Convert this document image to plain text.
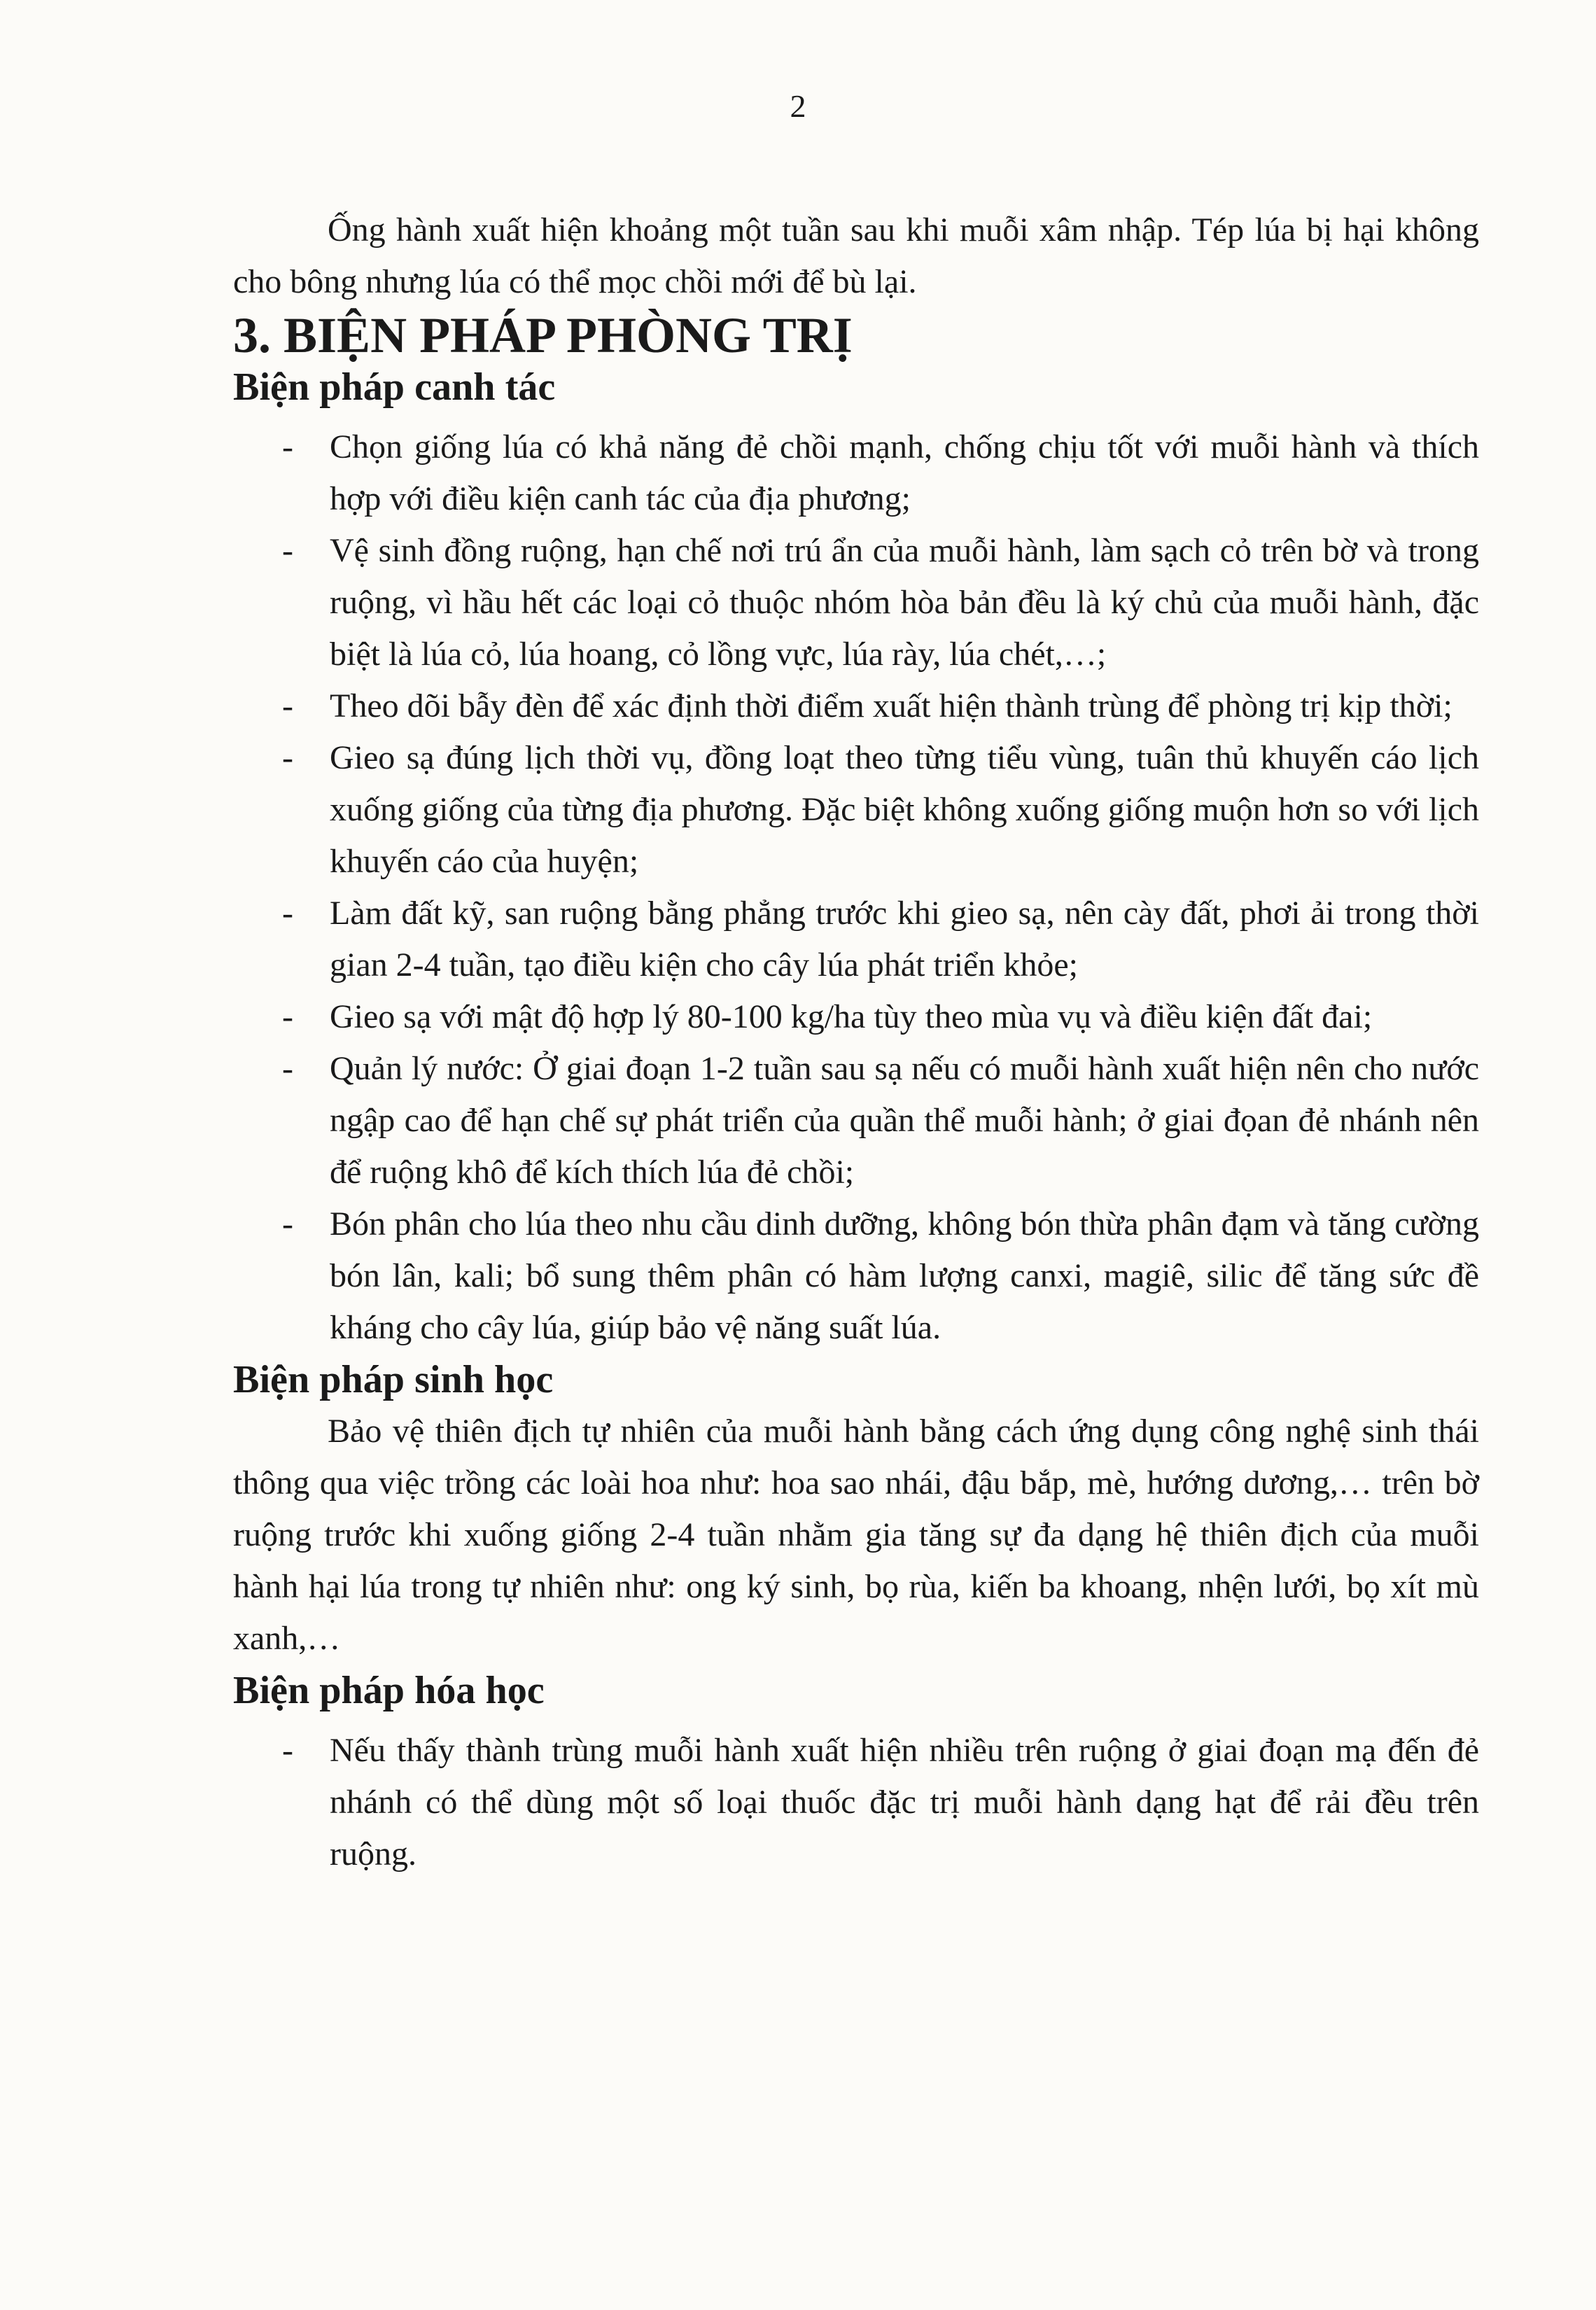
2

Ống hành xuất hiện khoảng một tuần sau khi muỗi xâm nhập. Tép lúa bị hại không cho bông nhưng lúa có thể mọc chồi mới để bù lại.

3. BIỆN PHÁP PHÒNG TRỊ
Biện pháp canh tác
- Chọn giống lúa có khả năng đẻ chồi mạnh, chống chịu tốt với muỗi hành và thích hợp với điều kiện canh tác của địa phương;
- Vệ sinh đồng ruộng, hạn chế nơi trú ẩn của muỗi hành, làm sạch cỏ trên bờ và trong ruộng, vì hầu hết các loại cỏ thuộc nhóm hòa bản đều là ký chủ của muỗi hành, đặc biệt là lúa cỏ, lúa hoang, cỏ lồng vực, lúa rày, lúa chét,…;
- Theo dõi bẫy đèn để xác định thời điểm xuất hiện thành trùng để phòng trị kịp thời;
- Gieo sạ đúng lịch thời vụ, đồng loạt theo từng tiểu vùng, tuân thủ khuyến cáo lịch xuống giống của từng địa phương. Đặc biệt không xuống giống muộn hơn so với lịch khuyến cáo của huyện;
- Làm đất kỹ, san ruộng bằng phẳng trước khi gieo sạ, nên cày đất, phơi ải trong thời gian 2-4 tuần, tạo điều kiện cho cây lúa phát triển khỏe;
- Gieo sạ với mật độ hợp lý 80-100 kg/ha tùy theo mùa vụ và điều kiện đất đai;
- Quản lý nước: Ở giai đoạn 1-2 tuần sau sạ nếu có muỗi hành xuất hiện nên cho nước ngập cao để hạn chế sự phát triển của quần thể muỗi hành; ở giai đọan đẻ nhánh nên để ruộng khô để kích thích lúa đẻ chồi;
- Bón phân cho lúa theo nhu cầu dinh dưỡng, không bón thừa phân đạm và tăng cường bón lân, kali; bổ sung thêm phân có hàm lượng canxi, magiê, silic để tăng sức đề kháng cho cây lúa, giúp bảo vệ năng suất lúa.
Biện pháp sinh học

Bảo vệ thiên địch tự nhiên của muỗi hành bằng cách ứng dụng công nghệ sinh thái thông qua việc trồng các loài hoa như: hoa sao nhái, đậu bắp, mè, hướng dương,… trên bờ ruộng trước khi xuống giống 2-4 tuần nhằm gia tăng sự đa dạng hệ thiên địch của muỗi hành hại lúa trong tự nhiên như: ong ký sinh, bọ rùa, kiến ba khoang, nhện lưới, bọ xít mù xanh,…

Biện pháp hóa học
- Nếu thấy thành trùng muỗi hành xuất hiện nhiều trên ruộng ở giai đoạn mạ đến đẻ nhánh có thể dùng một số loại thuốc đặc trị muỗi hành dạng hạt để rải đều trên ruộng.
